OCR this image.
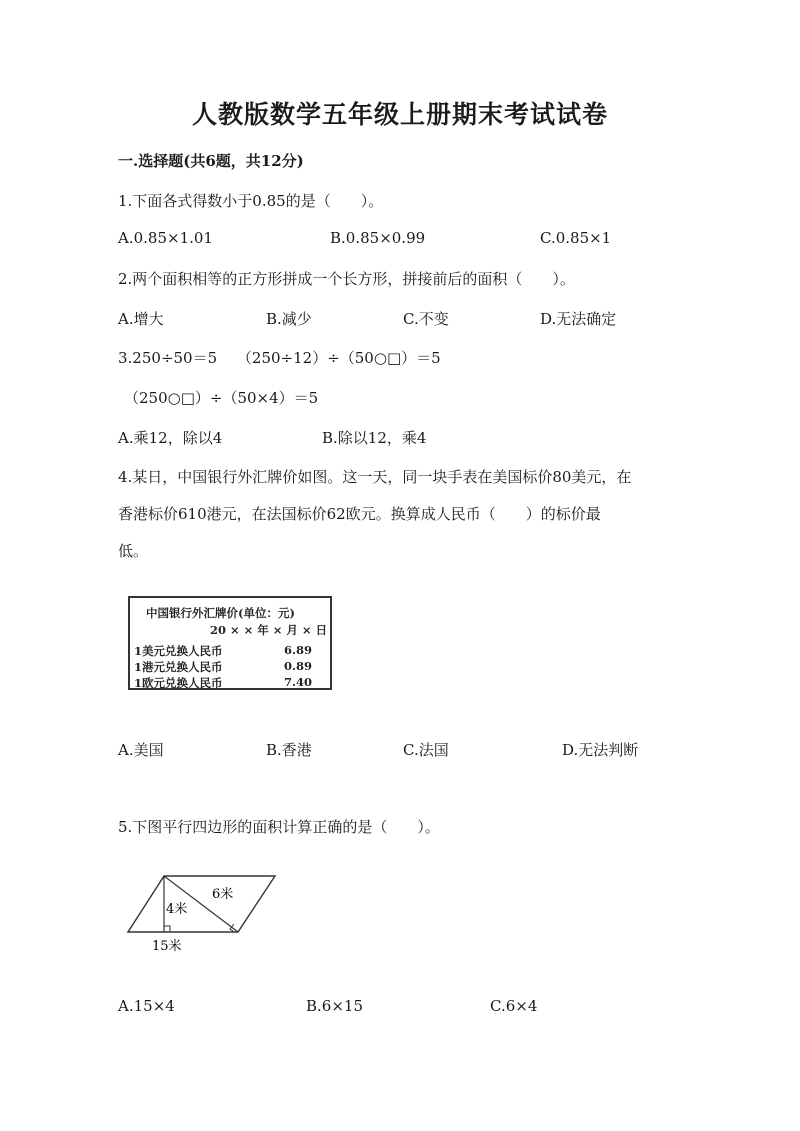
人教版数学五年级上册期末考试试卷
一.选择题(共6题，共12分)
1.下面各式得数小于0.85的是（　　）。
A.0.85×1.01	B.0.85×0.99	C.0.85×1
2.两个面积相等的正方形拼成一个长方形，拼接前后的面积（　　）。
A.增大	B.减少	C.不变	D.无法确定
3.250÷50＝5　 （250÷12）÷（50○□）＝5
（250○□）÷（50×4）＝5
A.乘12，除以4	B.除以12，乘4
4.某日，中国银行外汇牌价如图。这一天，同一块手表在美国标价80美元，在
香港标价610港元，在法国标价62欧元。换算成人民币（　　）的标价最
低。
中国银行外汇牌价(单位：元)
20 × × 年 × 月 × 日
1美元兑换人民币	6.89
1港元兑换人民币	0.89
1欧元兑换人民币	7.40
A.美国	B.香港	C.法国	D.无法判断
5.下图平行四边形的面积计算正确的是（　　）。
4米
6米
15米
A.15×4	B.6×15	C.6×4
